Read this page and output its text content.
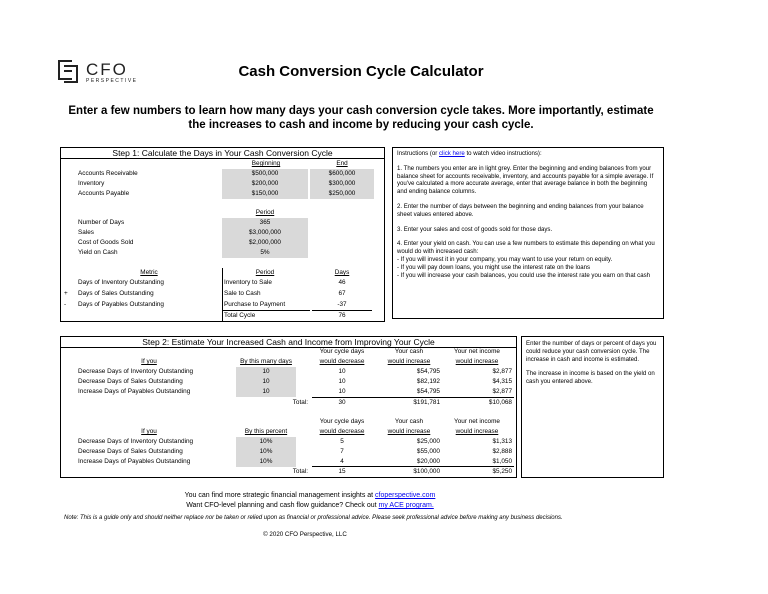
CFO
PERSPECTIVE
Cash Conversion Cycle Calculator
Enter a few numbers to learn how many days your cash conversion cycle takes. More importantly, estimate the increases to cash and income by reducing your cash cycle.
Step 1: Calculate the Days in Your Cash Conversion Cycle
Beginning	End
Accounts Receivable	$500,000	$600,000
Inventory	$200,000	$300,000
Accounts Payable	$150,000	$250,000
Period
Number of Days	365
Sales	$3,000,000
Cost of Goods Sold	$2,000,000
Yield on Cash	5%
Metric	Period	Days
Days of Inventory Outstanding	Inventory to Sale	46
+	Days of Sales Outstanding	Sale to Cash	67
-	Days of Payables Outstanding	Purchase to Payment	-37
Total Cycle	76

Instructions (or click here to watch video instructions):

1. The numbers you enter are in light grey. Enter the beginning and ending balances from your balance sheet for accounts receivable, inventory, and accounts payable for a simple average. If you've calculated a more accurate average, enter that average balance in both the beginning and ending balance columns.

2. Enter the number of days between the beginning and ending balances from your balance sheet values entered above.

3. Enter your sales and cost of goods sold for those days.

4. Enter your yield on cash. You can use a few numbers to estimate this depending on what you would do with increased cash:

- If you will invest it in your company, you may want to use your return on equity.

- If you will pay down loans, you might use the interest rate on the loans

- If you will increase your cash balances, you could use the interest rate you earn on that cash

Step 2: Estimate Your Increased Cash and Income from Improving Your Cycle
If you	By this many days
Your cycle days
would decrease
Your cash
would increase
Your net income
would increase
Decrease Days of Inventory Outstanding	10	10	$54,795	$2,877
Decrease Days of Sales Outstanding	10	10	$82,192	$4,315
Increase Days of Payables Outstanding	10	10	$54,795	$2,877
Total:	30	$191,781	$10,068
If you	By this percent
Your cycle days
would decrease
Your cash
would increase
Your net income
would increase
Decrease Days of Inventory Outstanding	10%	5	$25,000	$1,313
Decrease Days of Sales Outstanding	10%	7	$55,000	$2,888
Increase Days of Payables Outstanding	10%	4	$20,000	$1,050
Total:	15	$100,000	$5,250

Enter the number of days or percent of days you could reduce your cash conversion cycle. The increase in cash and income is estimated.

The increase in income is based on the yield on cash you entered above.

You can find more strategic financial management insights at cfoperspective.com
Want CFO-level planning and cash flow guidance? Check out my ACE program.
Note: This is a guide only and should neither replace nor be taken or relied upon as financial or professional advice. Please seek professional advice before making any business decisions.
© 2020 CFO Perspective, LLC
